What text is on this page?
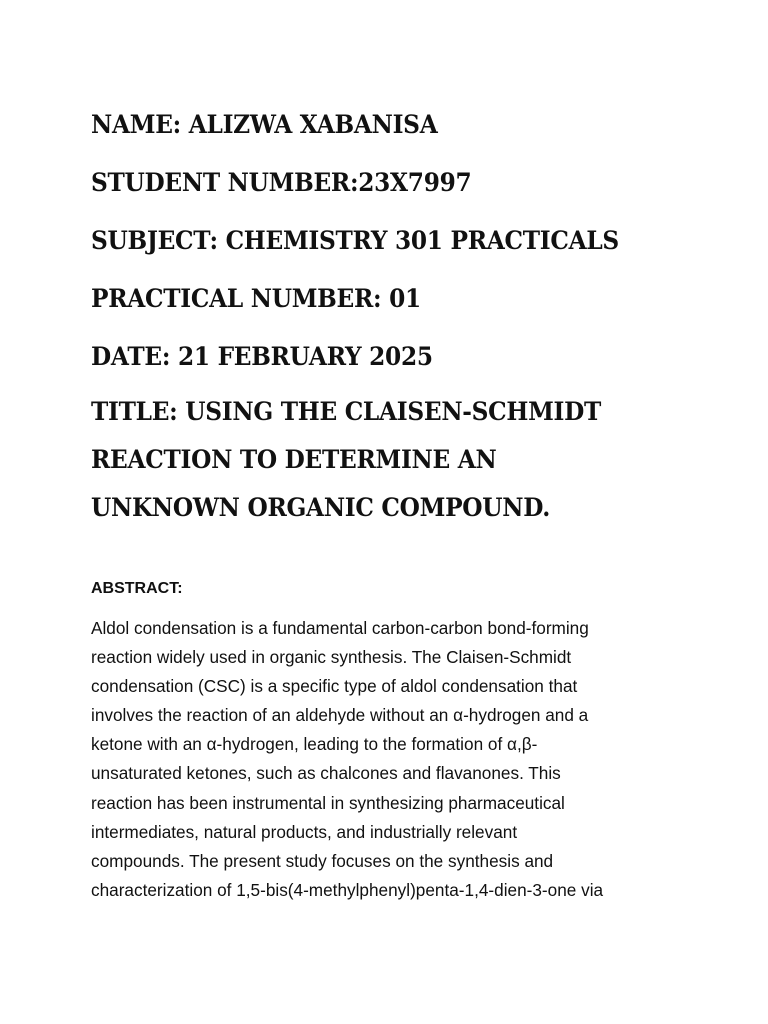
NAME: ALIZWA XABANISA

STUDENT NUMBER:23X7997

SUBJECT: CHEMISTRY 301 PRACTICALS

PRACTICAL NUMBER: 01

DATE: 21 FEBRUARY 2025

TITLE: USING THE CLAISEN-SCHMIDT REACTION TO DETERMINE AN UNKNOWN ORGANIC COMPOUND.

ABSTRACT:

Aldol condensation is a fundamental carbon-carbon bond-forming
reaction widely used in organic synthesis. The Claisen-Schmidt
condensation (CSC) is a specific type of aldol condensation that
involves the reaction of an aldehyde without an α-hydrogen and a
ketone with an α-hydrogen, leading to the formation of α,β-
unsaturated ketones, such as chalcones and flavanones. This
reaction has been instrumental in synthesizing pharmaceutical
intermediates, natural products, and industrially relevant
compounds. The present study focuses on the synthesis and
characterization of 1,5-bis(4-methylphenyl)penta-1,4-dien-3-one via
